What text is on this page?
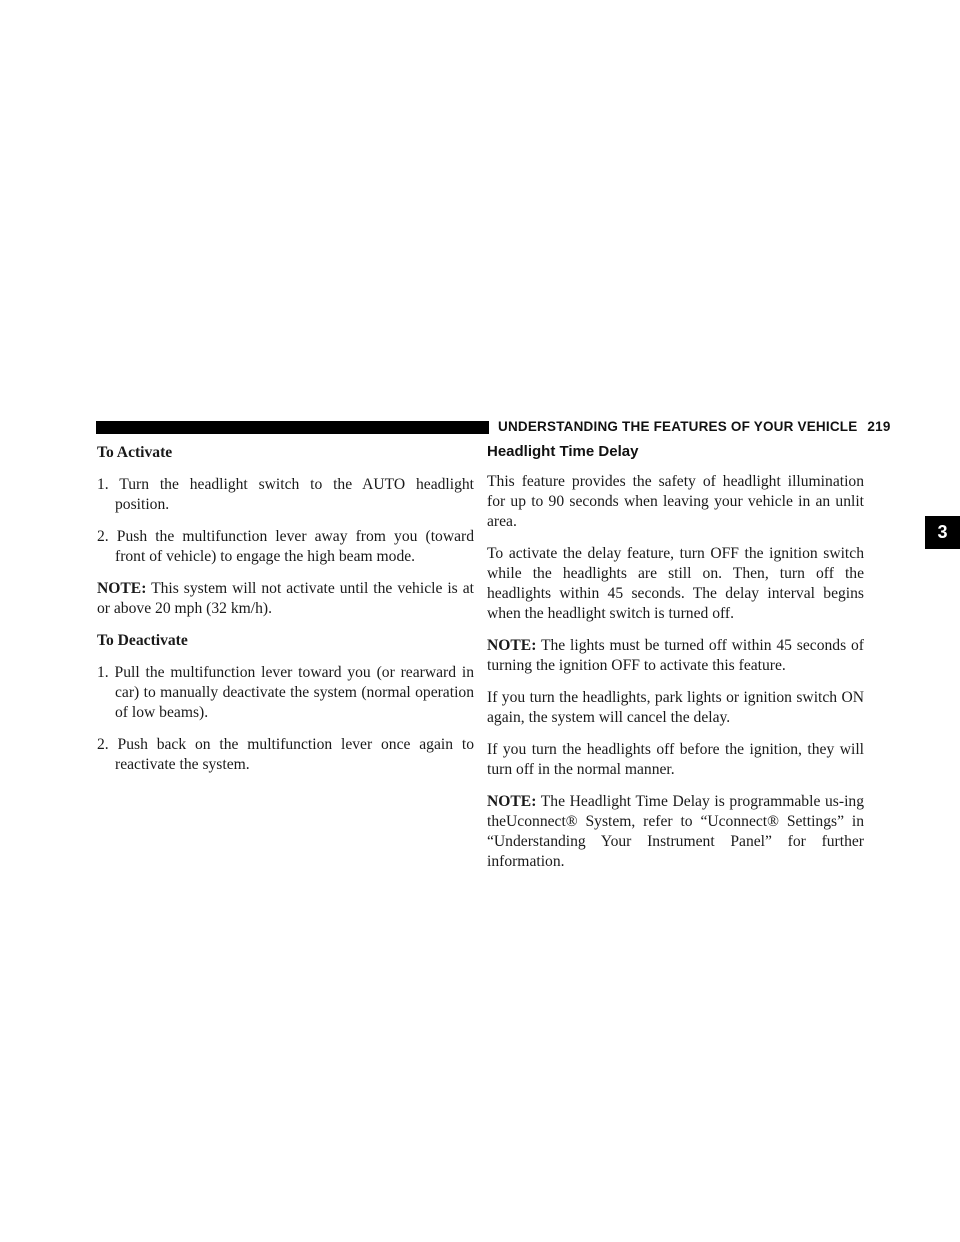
UNDERSTANDING THE FEATURES OF YOUR VEHICLE 219
3
To Activate

1. Turn the headlight switch to the AUTO headlight position.

2. Push the multifunction lever away from you (toward front of vehicle) to engage the high beam mode.

NOTE: This system will not activate until the vehicle is at or above 20 mph (32 km/h).

To Deactivate

1. Pull the multifunction lever toward you (or rearward in car) to manually deactivate the system (normal operation of low beams).

2. Push back on the multifunction lever once again to reactivate the system.

Headlight Time Delay

This feature provides the safety of headlight illumination for up to 90 seconds when leaving your vehicle in an unlit area.

To activate the delay feature, turn OFF the ignition switch while the headlights are still on. Then, turn off the headlights within 45 seconds. The delay interval begins when the headlight switch is turned off.

NOTE: The lights must be turned off within 45 seconds of turning the ignition OFF to activate this feature.

If you turn the headlights, park lights or ignition switch ON again, the system will cancel the delay.

If you turn the headlights off before the ignition, they will turn off in the normal manner.

NOTE: The Headlight Time Delay is programmable us-ing theUconnect® System, refer to “Uconnect® Settings” in “Understanding Your Instrument Panel” for further information.
